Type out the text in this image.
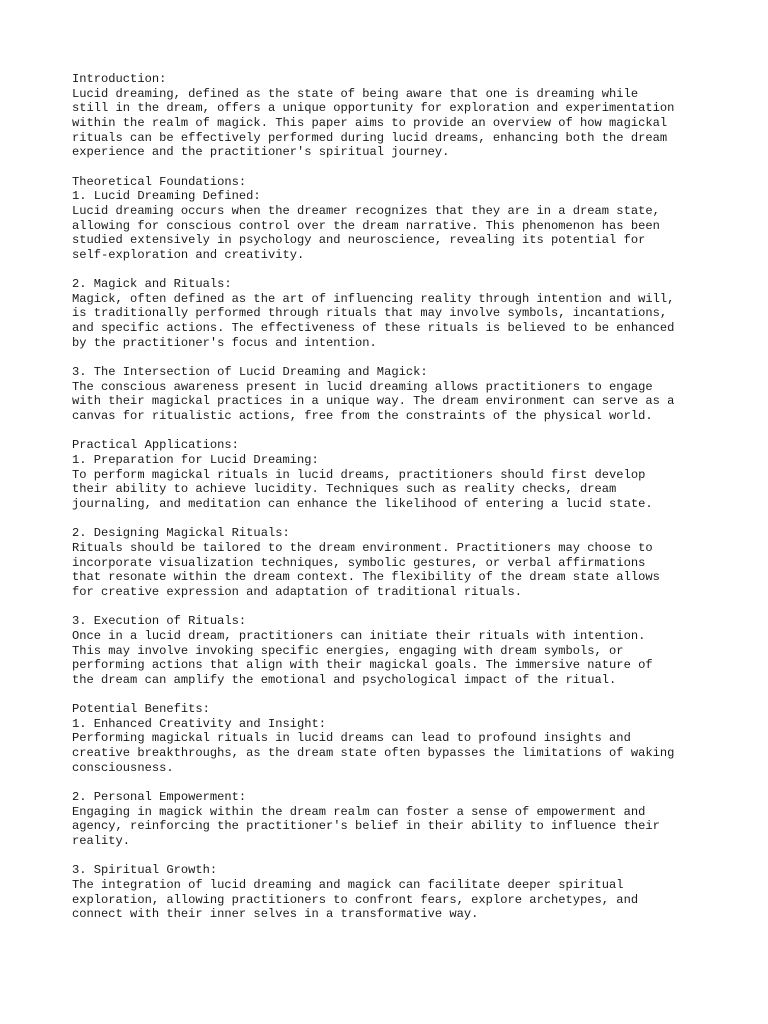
Introduction:
Lucid dreaming, defined as the state of being aware that one is dreaming while
still in the dream, offers a unique opportunity for exploration and experimentation
within the realm of magick. This paper aims to provide an overview of how magickal
rituals can be effectively performed during lucid dreams, enhancing both the dream
experience and the practitioner's spiritual journey.
Theoretical Foundations:
1. Lucid Dreaming Defined:
Lucid dreaming occurs when the dreamer recognizes that they are in a dream state,
allowing for conscious control over the dream narrative. This phenomenon has been
studied extensively in psychology and neuroscience, revealing its potential for
self-exploration and creativity.
2. Magick and Rituals:
Magick, often defined as the art of influencing reality through intention and will,
is traditionally performed through rituals that may involve symbols, incantations,
and specific actions. The effectiveness of these rituals is believed to be enhanced
by the practitioner's focus and intention.
3. The Intersection of Lucid Dreaming and Magick:
The conscious awareness present in lucid dreaming allows practitioners to engage
with their magickal practices in a unique way. The dream environment can serve as a
canvas for ritualistic actions, free from the constraints of the physical world.
Practical Applications:
1. Preparation for Lucid Dreaming:
To perform magickal rituals in lucid dreams, practitioners should first develop
their ability to achieve lucidity. Techniques such as reality checks, dream
journaling, and meditation can enhance the likelihood of entering a lucid state.
2. Designing Magickal Rituals:
Rituals should be tailored to the dream environment. Practitioners may choose to
incorporate visualization techniques, symbolic gestures, or verbal affirmations
that resonate within the dream context. The flexibility of the dream state allows
for creative expression and adaptation of traditional rituals.
3. Execution of Rituals:
Once in a lucid dream, practitioners can initiate their rituals with intention.
This may involve invoking specific energies, engaging with dream symbols, or
performing actions that align with their magickal goals. The immersive nature of
the dream can amplify the emotional and psychological impact of the ritual.
Potential Benefits:
1. Enhanced Creativity and Insight:
Performing magickal rituals in lucid dreams can lead to profound insights and
creative breakthroughs, as the dream state often bypasses the limitations of waking
consciousness.
2. Personal Empowerment:
Engaging in magick within the dream realm can foster a sense of empowerment and
agency, reinforcing the practitioner's belief in their ability to influence their
reality.
3. Spiritual Growth:
The integration of lucid dreaming and magick can facilitate deeper spiritual
exploration, allowing practitioners to confront fears, explore archetypes, and
connect with their inner selves in a transformative way.
